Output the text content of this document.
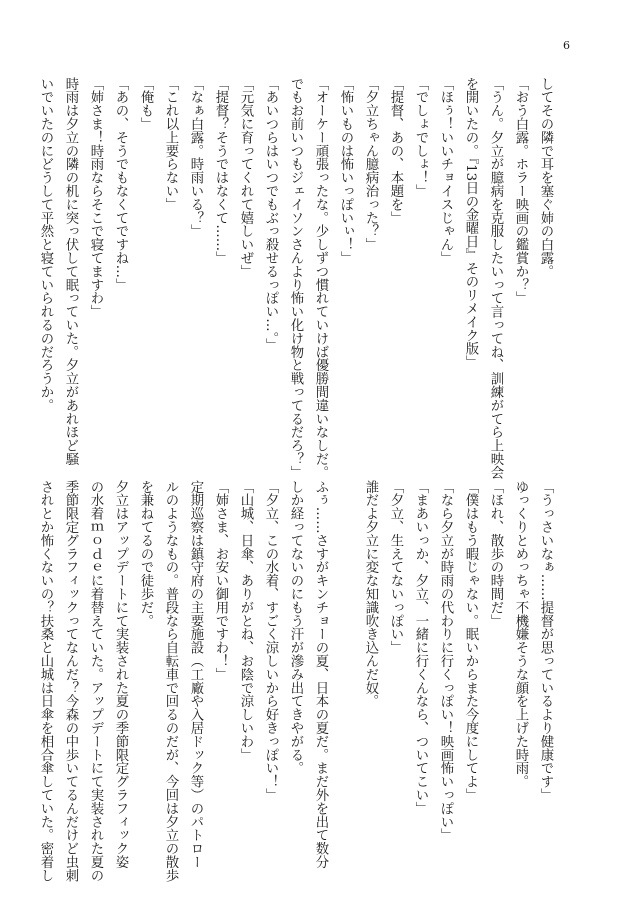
6
してその隣で耳を塞ぐ姉の白露。
「おう白露。ホラー映画の鑑賞か？」
「うん。夕立が臆病を克服したいって言ってね、訓練がてら上映会
を開いたの。『13日の金曜日』そのリメイク版」
「ほぅ！いいチョイスじゃん」
「でしょでしょ！」
「提督、あの、本題を」
「夕立ちゃん臆病治った？」
「怖いものは怖いっぽいぃ！」
「オーケー頑張ったな。少しずつ慣れていけば優勝間違いなしだ。
でもお前いつもジェイソンさんより怖い化け物と戦ってるだろ？」
「あいつらはいつでもぶっ殺せるっぽい…。」
「元気に育ってくれて嬉しいぜ」
「提督？そうではなくて……」
「なぁ白露。時雨いる？」
「これ以上要らない」
「俺も」
「あの、そうでもなくてですね…」
「姉さま！時雨ならそこで寝てますわ」
時雨は夕立の隣の机に突っ伏して眠っていた。夕立があれほど騒
いでいたのにどうして平然と寝ていられるのだろうか。
「うっさいなぁ……提督が思っているより健康です」
ゆっくりとめっちゃ不機嫌そうな顔を上げた時雨。
「ほれ、散歩の時間だ」
「僕はもう暇じゃない。眠いからまた今度にしてよ」
「なら夕立が時雨の代わりに行くっぽい！映画怖いっぽい」
「まあいっか、夕立、一緒に行くんなら、ついてこい」
「夕立、生えてないっぽい」
誰だよ夕立に変な知識吹き込んだ奴。

ふぅ……さすがキンチョーの夏、日本の夏だ。まだ外を出て数分
しか経ってないのにもう汗が滲み出てきやがる。
「夕立、この水着、すごく涼しいから好きっぽい！」
「山城、日傘、ありがとね、お陰で涼しいわ」
「姉さま、お安い御用ですわ！」
定期巡察は鎮守府の主要施設（工廠や入居ドック等）のパトロー
ルのようなもの。普段なら自転車で回るのだが、今回は夕立の散歩
を兼ねてるので徒歩だ。
夕立はアップデートにて実装された夏の季節限定グラフィック姿
の水着ｍｏｄｅに着替えていた。アップデートにて実装された夏の
季節限定グラフィックってなんだ？今森の中歩いてるんだけど虫刺
されとか怖くないの？扶桑と山城は日傘を相合傘していた。密着し
